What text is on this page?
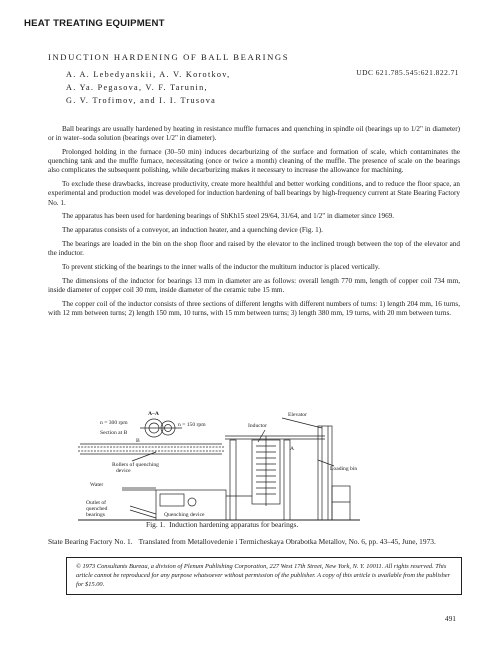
HEAT TREATING EQUIPMENT
INDUCTION HARDENING OF BALL BEARINGS
A. A. Lebedyanskii, A. V. Korotkov,
A. Ya. Pegasova, V. F. Tarunin,
G. V. Trofimov, and I. I. Trusova
UDC 621.785.545:621.822.71

Ball bearings are usually hardened by heating in resistance muffle furnaces and quenching in spindle oil (bearings up to 1/2" in diameter) or in water–soda solution (bearings over 1/2" in diameter).

Prolonged holding in the furnace (30–50 min) induces decarburizing of the surface and formation of scale, which contaminates the quenching tank and the muffle furnace, necessitating (once or twice a month) cleaning of the muffle. The presence of scale on the bearings also complicates the subsequent polishing, while decarburizing makes it necessary to increase the allowance for machining.

To exclude these drawbacks, increase productivity, create more healthful and better working conditions, and to reduce the floor space, an experimental and production model was developed for induction hardening of ball bearings by high-frequency current at State Bearing Factory No. 1.

The apparatus has been used for hardening bearings of ShKh15 steel 29/64, 31/64, and 1/2" in diameter since 1969.

The apparatus consists of a conveyor, an induction heater, and a quenching device (Fig. 1).

The bearings are loaded in the bin on the shop floor and raised by the elevator to the inclined trough between the top of the elevator and the inductor.

To prevent sticking of the bearings to the inner walls of the inductor the multiturn inductor is placed vertically.

The dimensions of the inductor for bearings 13 mm in diameter are as follows: overall length 770 mm, length of copper coil 734 mm, inside diameter of copper coil 30 mm, inside diameter of the ceramic tube 15 mm.

The copper coil of the inductor consists of three sections of different lengths with different numbers of turns: 1) length 204 mm, 16 turns, with 12 mm between turns; 2) length 150 mm, 10 turns, with 15 mm between turns; 3) length 380 mm, 19 turns, with 20 mm between turns.

A–A
n = 300 rpm	n = 150 rpm
Section at B
Inductor
Elevator
Rollers of quenching
device
Water
Loading bin
Outlet of
quenched
bearings	Quenching device
B
A
Fig. 1. Induction hardening apparatus for bearings.
State Bearing Factory No. 1. Translated from Metallovedenie i Termicheskaya Obrabotka Metallov, No. 6, pp. 43–45, June, 1973.
© 1973 Consultants Bureau, a division of Plenum Publishing Corporation, 227 West 17th Street, New York, N. Y. 10011. All rights reserved. This article cannot be reproduced for any purpose whatsoever without permission of the publisher. A copy of this article is available from the publisher for $15.00.
491
